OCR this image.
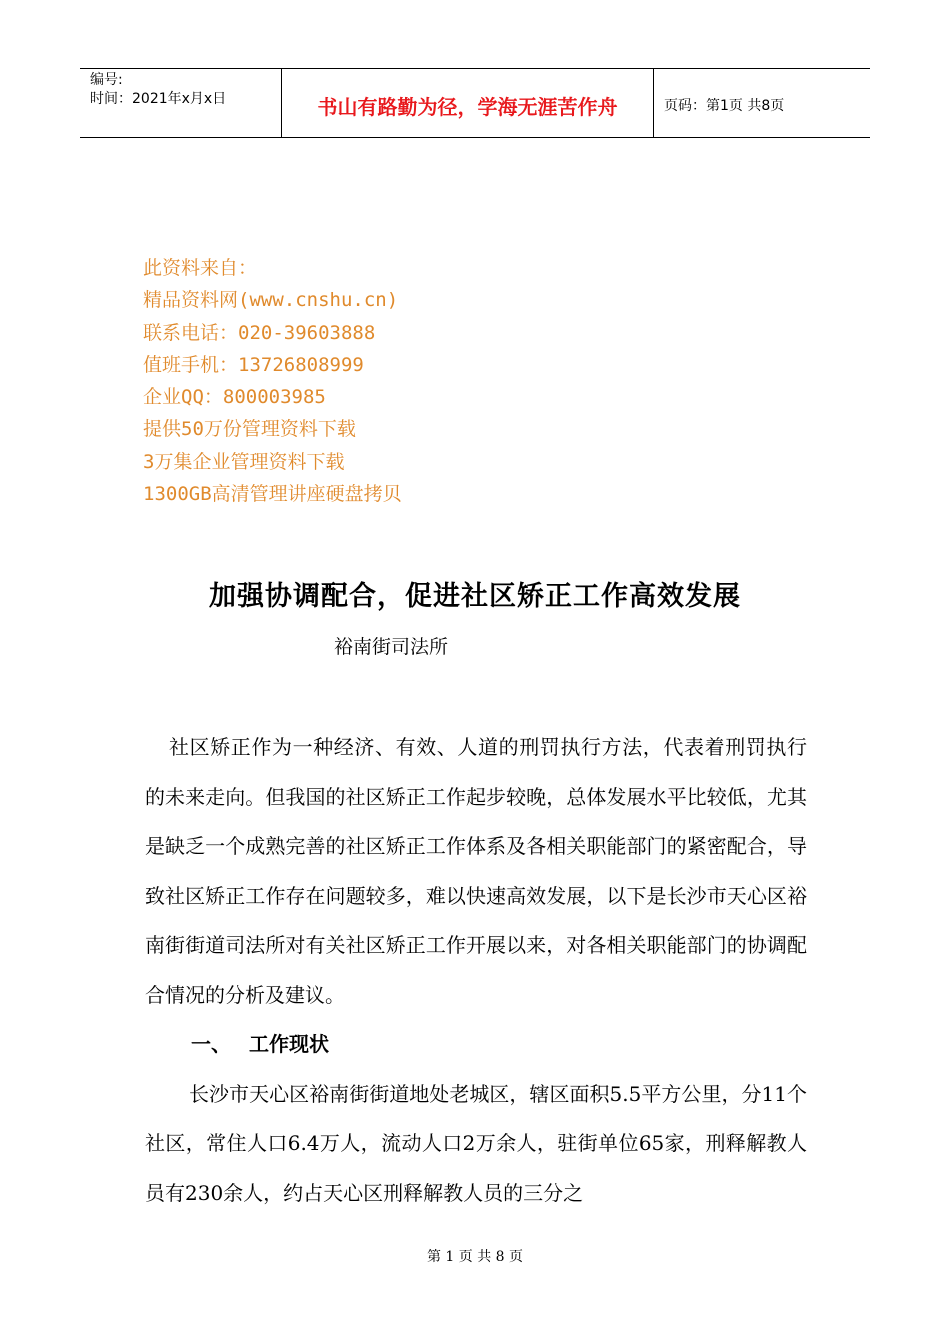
编号:
时间：2021年x月x日	书山有路勤为径，学海无涯苦作舟	页码：第1页 共8页
此资料来自：
精品资料网(www.cnshu.cn)
联系电话：020-39603888
值班手机：13726808999
企业QQ：800003985
提供50万份管理资料下载
3万集企业管理资料下载
1300GB高清管理讲座硬盘拷贝
加强协调配合，促进社区矫正工作高效发展
裕南街司法所

社区矫正作为一种经济、有效、人道的刑罚执行方法，代表着刑罚执行的未来走向。但我国的社区矫正工作起步较晚，总体发展水平比较低，尤其是缺乏一个成熟完善的社区矫正工作体系及各相关职能部门的紧密配合，导致社区矫正工作存在问题较多，难以快速高效发展，以下是长沙市天心区裕南街街道司法所对有关社区矫正工作开展以来，对各相关职能部门的协调配合情况的分析及建议。

一、 工作现状

长沙市天心区裕南街街道地处老城区，辖区面积5.5平方公里，分11个社区，常住人口6.4万人，流动人口2万余人，驻街单位65家，刑释解教人员有230余人，约占天心区刑释解教人员的三分之

第 1 页 共 8 页
